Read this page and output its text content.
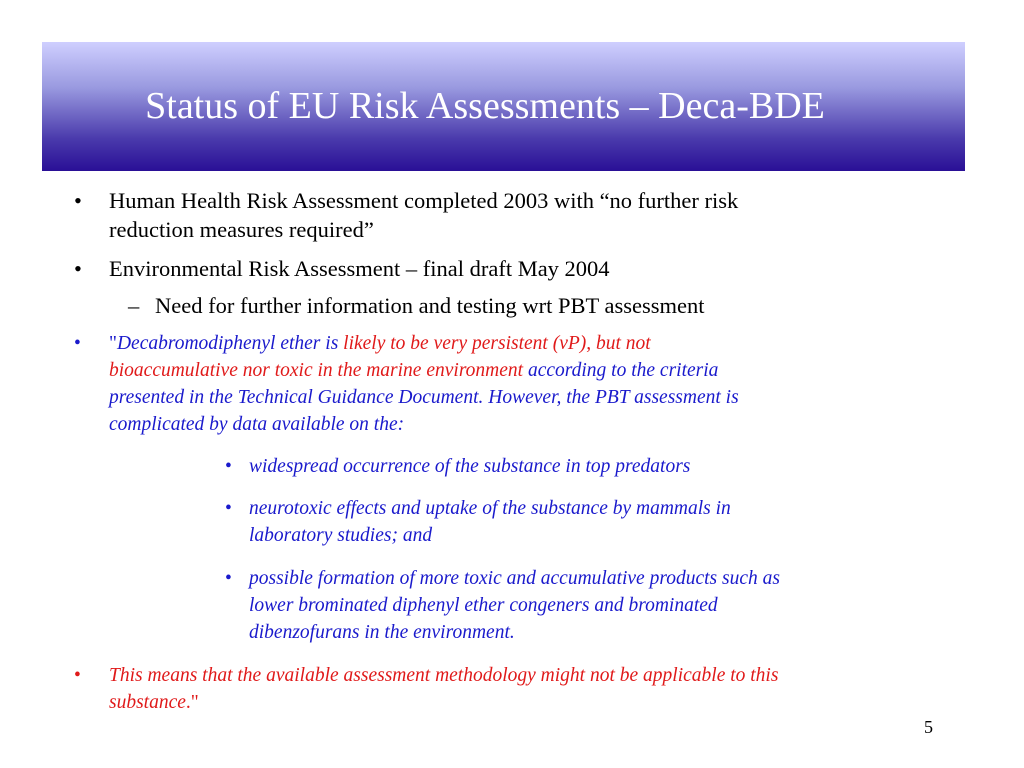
Status of EU Risk Assessments – Deca-BDE
• Human Health Risk Assessment completed 2003 with “no further risk
reduction measures required”
• Environmental Risk Assessment – final draft May 2004
– Need for further information and testing wrt PBT assessment
• "Decabromodiphenyl ether is likely to be very persistent (vP), but not
bioaccumulative nor toxic in the marine environment according to the criteria
presented in the Technical Guidance Document. However, the PBT assessment is
complicated by data available on the:
• widespread occurrence of the substance in top predators
• neurotoxic effects and uptake of the substance by mammals in
laboratory studies; and
• possible formation of more toxic and accumulative products such as
lower brominated diphenyl ether congeners and brominated
dibenzofurans in the environment.
• This means that the available assessment methodology might not be applicable to this
substance."
5
